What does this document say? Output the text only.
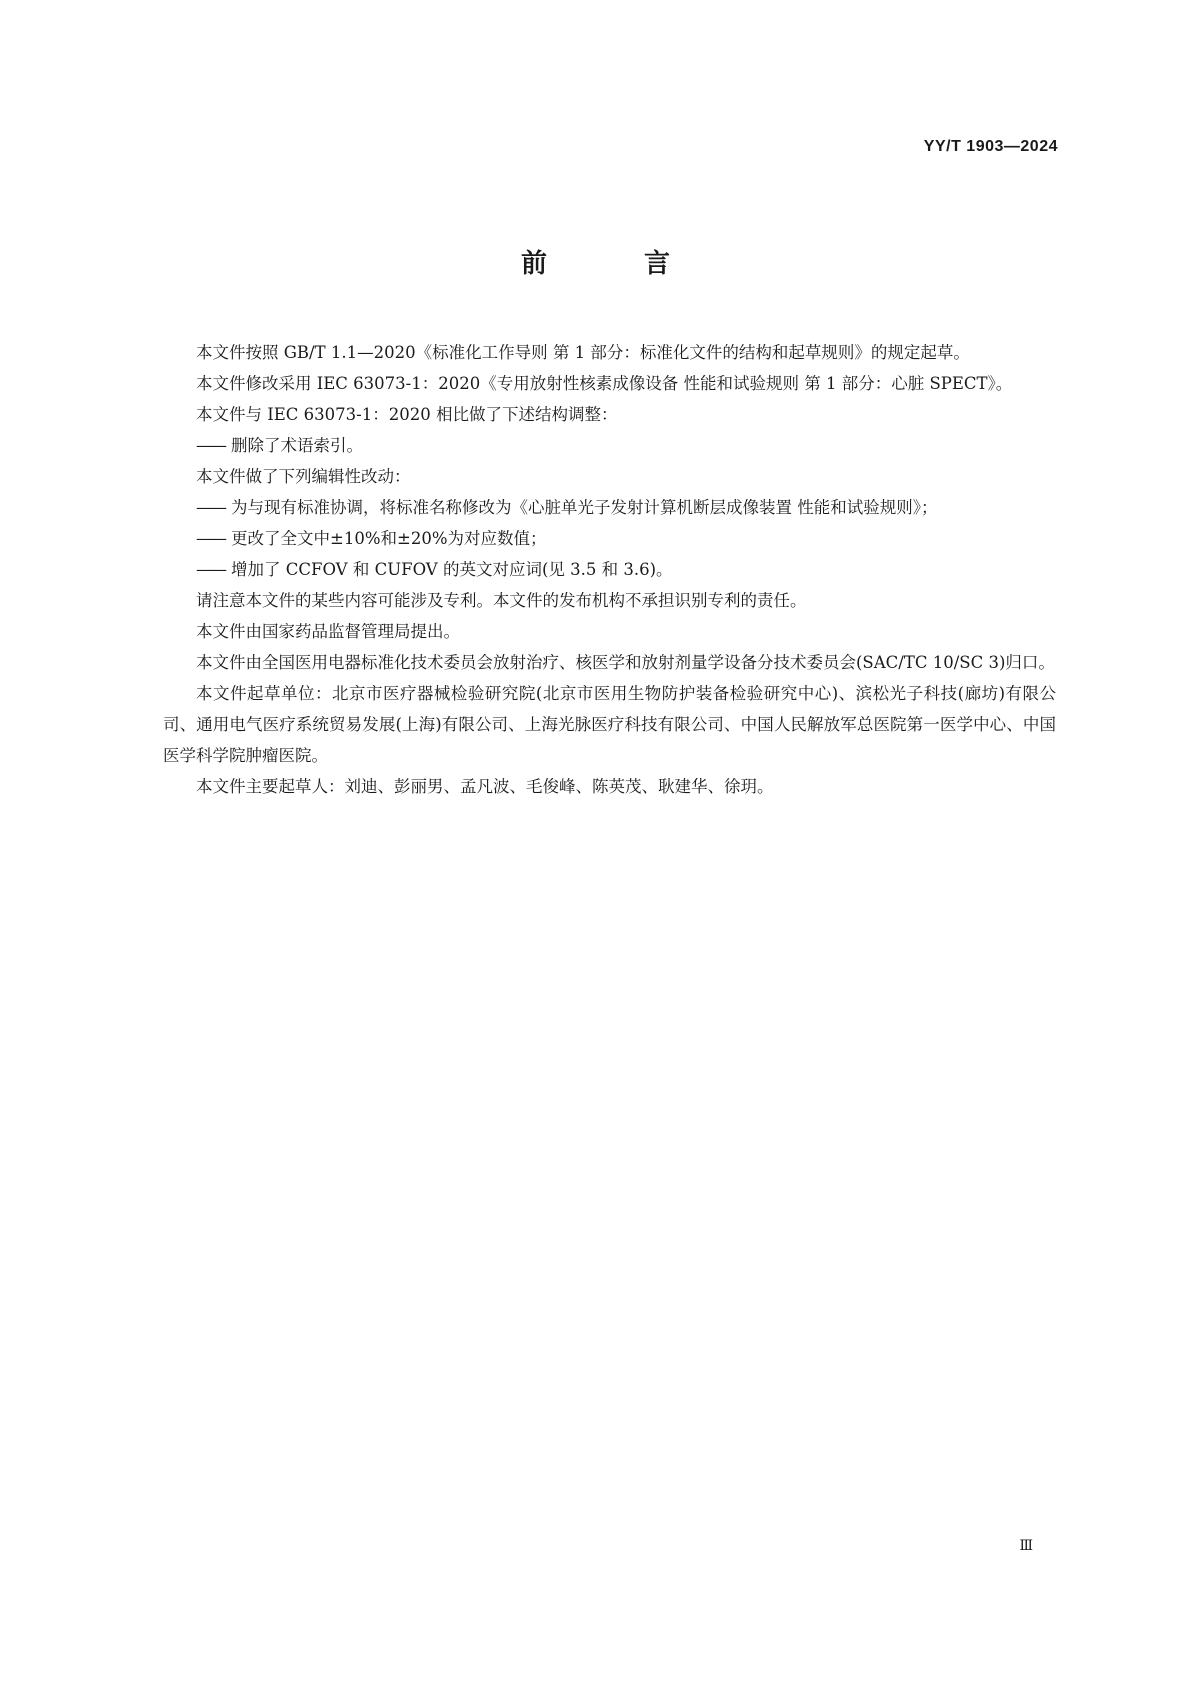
YY/T 1903—2024
前 言

本文件按照 GB/T 1.1—2020《标准化工作导则 第 1 部分：标准化文件的结构和起草规则》的规定起草。

本文件修改采用 IEC 63073-1：2020《专用放射性核素成像设备 性能和试验规则 第 1 部分：心脏 SPECT》。

本文件与 IEC 63073-1：2020 相比做了下述结构调整：

—— 删除了术语索引。

本文件做了下列编辑性改动：

—— 为与现有标准协调，将标准名称修改为《心脏单光子发射计算机断层成像装置 性能和试验规则》；

—— 更改了全文中±10%和±20%为对应数值；

—— 增加了 CCFOV 和 CUFOV 的英文对应词(见 3.5 和 3.6)。

请注意本文件的某些内容可能涉及专利。本文件的发布机构不承担识别专利的责任。

本文件由国家药品监督管理局提出。

本文件由全国医用电器标准化技术委员会放射治疗、核医学和放射剂量学设备分技术委员会(SAC/TC 10/SC 3)归口。

本文件起草单位：北京市医疗器械检验研究院(北京市医用生物防护装备检验研究中心)、滨松光子科技(廊坊)有限公司、通用电气医疗系统贸易发展(上海)有限公司、上海光脉医疗科技有限公司、中国人民解放军总医院第一医学中心、中国医学科学院肿瘤医院。

本文件主要起草人：刘迪、彭丽男、孟凡波、毛俊峰、陈英茂、耿建华、徐玥。

Ⅲ
